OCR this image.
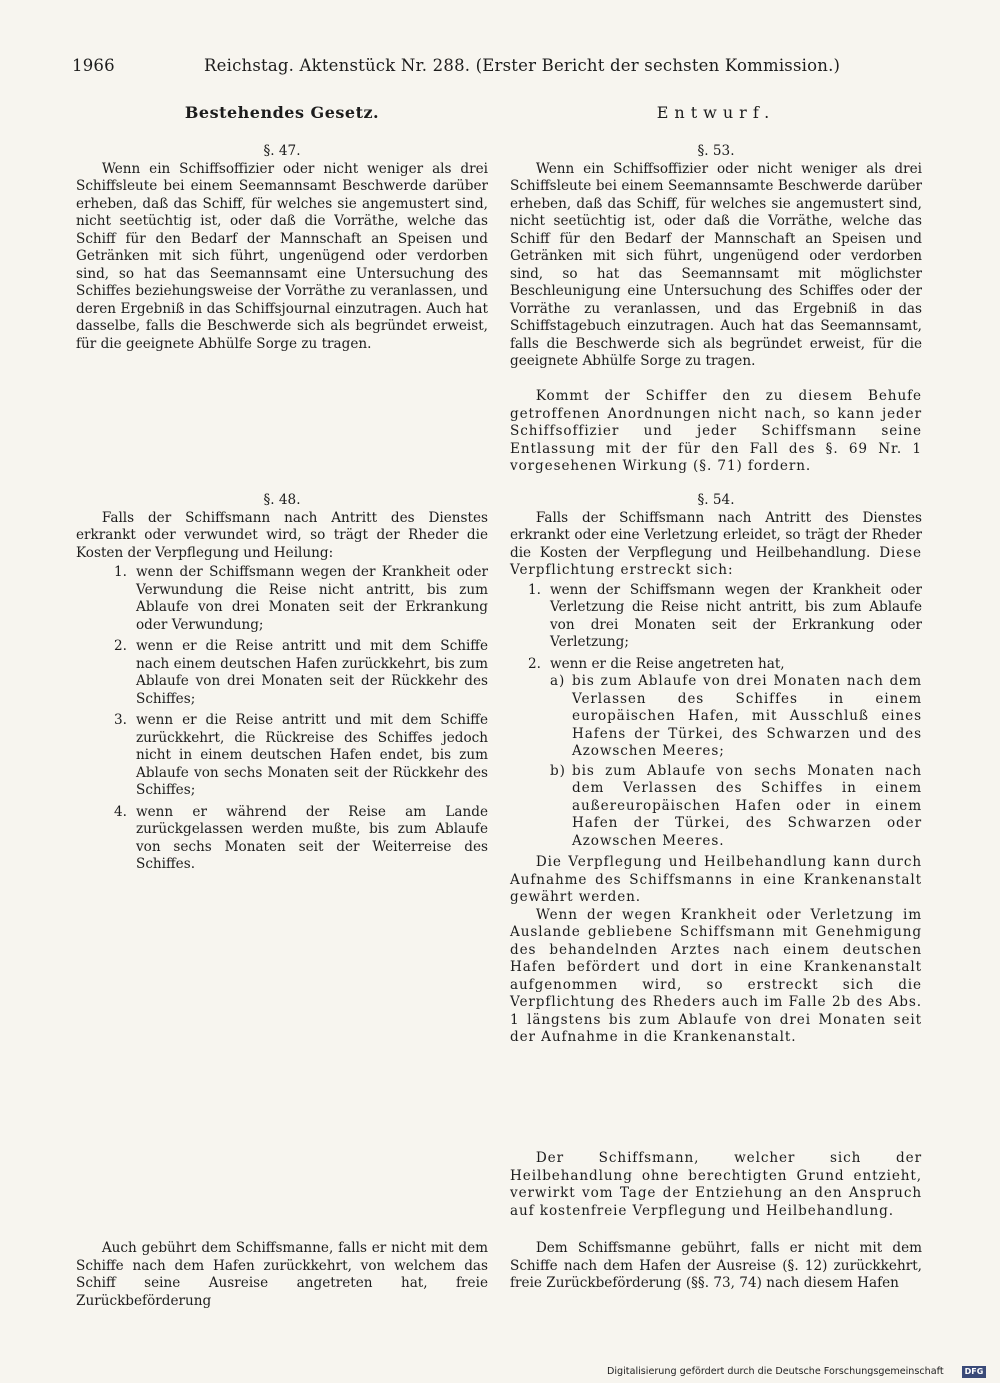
1966	Reichstag. Aktenstück Nr. 288. (Erster Bericht der sechsten Kommission.)
Bestehendes Gesetz.
§. 47.

Wenn ein Schiffsoffizier oder nicht weniger als drei Schiffsleute bei einem Seemannsamt Beschwerde darüber erheben, daß das Schiff, für welches sie angemustert sind, nicht seetüchtig ist, oder daß die Vorräthe, welche das Schiff für den Bedarf der Mannschaft an Speisen und Getränken mit sich führt, ungenügend oder verdorben sind, so hat das Seemannsamt eine Untersuchung des Schiffes beziehungsweise der Vorräthe zu veranlassen, und deren Ergebniß in das Schiffsjournal einzutragen. Auch hat dasselbe, falls die Beschwerde sich als begründet erweist, für die geeignete Abhülfe Sorge zu tragen.

§. 48.

Falls der Schiffsmann nach Antritt des Dienstes erkrankt oder verwundet wird, so trägt der Rheder die Kosten der Verpflegung und Heilung:

1. wenn der Schiffsmann wegen der Krankheit oder Verwundung die Reise nicht antritt, bis zum Ablaufe von drei Monaten seit der Erkrankung oder Verwundung;
2. wenn er die Reise antritt und mit dem Schiffe nach einem deutschen Hafen zurückkehrt, bis zum Ablaufe von drei Monaten seit der Rückkehr des Schiffes;
3. wenn er die Reise antritt und mit dem Schiffe zurückkehrt, die Rückreise des Schiffes jedoch nicht in einem deutschen Hafen endet, bis zum Ablaufe von sechs Monaten seit der Rückkehr des Schiffes;
4. wenn er während der Reise am Lande zurückgelassen werden mußte, bis zum Ablaufe von sechs Monaten seit der Weiterreise des Schiffes.

Auch gebührt dem Schiffsmanne, falls er nicht mit dem Schiffe nach dem Hafen zurückkehrt, von welchem das Schiff seine Ausreise angetreten hat, freie Zurückbeförderung

Entwurf.
§. 53.

Wenn ein Schiffsoffizier oder nicht weniger als drei Schiffsleute bei einem Seemannsamte Beschwerde darüber erheben, daß das Schiff, für welches sie angemustert sind, nicht seetüchtig ist, oder daß die Vorräthe, welche das Schiff für den Bedarf der Mannschaft an Speisen und Getränken mit sich führt, ungenügend oder verdorben sind, so hat das Seemannsamt mit möglichster Beschleunigung eine Untersuchung des Schiffes oder der Vorräthe zu veranlassen, und das Ergebniß in das Schiffstagebuch einzutragen. Auch hat das Seemannsamt, falls die Beschwerde sich als begründet erweist, für die geeignete Abhülfe Sorge zu tragen.

Kommt der Schiffer den zu diesem Behufe getroffenen Anordnungen nicht nach, so kann jeder Schiffsoffizier und jeder Schiffsmann seine Entlassung mit der für den Fall des §. 69 Nr. 1 vorgesehenen Wirkung (§. 71) fordern.

§. 54.

Falls der Schiffsmann nach Antritt des Dienstes erkrankt oder eine Verletzung erleidet, so trägt der Rheder die Kosten der Verpflegung und Heilbehandlung. Diese Verpflichtung erstreckt sich:

1. wenn der Schiffsmann wegen der Krankheit oder Verletzung die Reise nicht antritt, bis zum Ablaufe von drei Monaten seit der Erkrankung oder Verletzung;
2. wenn er die Reise angetreten hat,
a) bis zum Ablaufe von drei Monaten nach dem Verlassen des Schiffes in einem europäischen Hafen, mit Ausschluß eines Hafens der Türkei, des Schwarzen und des Azowschen Meeres;
b) bis zum Ablaufe von sechs Monaten nach dem Verlassen des Schiffes in einem außereuropäischen Hafen oder in einem Hafen der Türkei, des Schwarzen oder Azowschen Meeres.

Die Verpflegung und Heilbehandlung kann durch Aufnahme des Schiffsmanns in eine Krankenanstalt gewährt werden.

Wenn der wegen Krankheit oder Verletzung im Auslande gebliebene Schiffsmann mit Genehmigung des behandelnden Arztes nach einem deutschen Hafen befördert und dort in eine Krankenanstalt aufgenommen wird, so erstreckt sich die Verpflichtung des Rheders auch im Falle 2b des Abs. 1 längstens bis zum Ablaufe von drei Monaten seit der Aufnahme in die Krankenanstalt.

Der Schiffsmann, welcher sich der Heilbehandlung ohne berechtigten Grund entzieht, verwirkt vom Tage der Entziehung an den Anspruch auf kostenfreie Verpflegung und Heilbehandlung.

Dem Schiffsmanne gebührt, falls er nicht mit dem Schiffe nach dem Hafen der Ausreise (§. 12) zurückkehrt, freie Zurückbeförderung (§§. 73, 74) nach diesem Hafen

Digitalisierung gefördert durch die Deutsche Forschungsgemeinschaft	DFG
